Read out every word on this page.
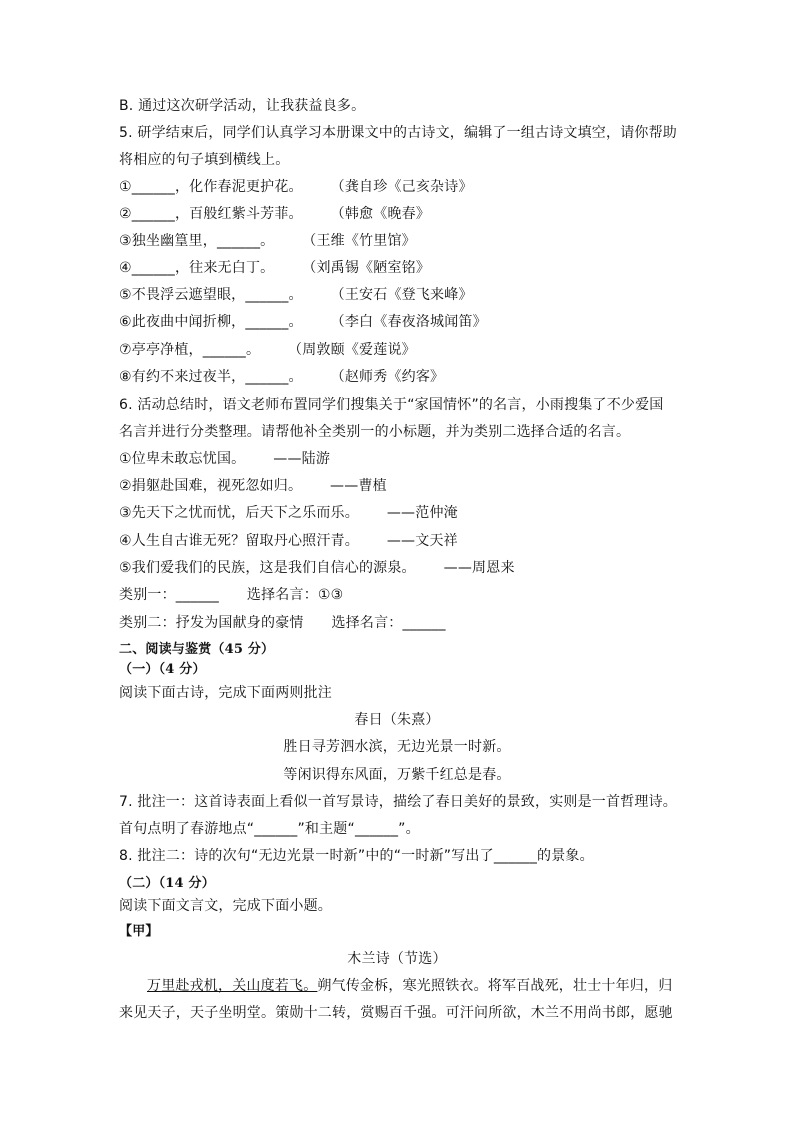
B. 通过这次研学活动，让我获益良多。
5. 研学结束后，同学们认真学习本册课文中的古诗文，编辑了一组古诗文填空，请你帮助
将相应的句子填到横线上。
①______，化作春泥更护花。      （龚自珍《己亥杂诗》
②______，百般红紫斗芳菲。      （韩愈《晚春》
③独坐幽篁里，______。      （王维《竹里馆》
④______，往来无白丁。      （刘禹锡《陋室铭》
⑤不畏浮云遮望眼，______。      （王安石《登飞来峰》
⑥此夜曲中闻折柳，______。      （李白《春夜洛城闻笛》
⑦亭亭净植，______。      （周敦颐《爱莲说》
⑧有约不来过夜半，______。      （赵师秀《约客》
6. 活动总结时，语文老师布置同学们搜集关于“家国情怀”的名言，小雨搜集了不少爱国
名言并进行分类整理。请帮他补全类别一的小标题，并为类别二选择合适的名言。
①位卑未敢忘忧国。      ——陆游
②捐躯赴国难，视死忽如归。      ——曹植
③先天下之忧而忧，后天下之乐而乐。      ——范仲淹
④人生自古谁无死？留取丹心照汗青。      ——文天祥
⑤我们爱我们的民族，这是我们自信心的源泉。      ——周恩来
类别一：______      选择名言：①③
类别二：抒发为国献身的豪情      选择名言：______
二、阅读与鉴赏（45 分）
（一）（4 分）
阅读下面古诗，完成下面两则批注
春日（朱熹）
胜日寻芳泗水滨，无边光景一时新。
等闲识得东风面，万紫千红总是春。
7. 批注一：这首诗表面上看似一首写景诗，描绘了春日美好的景致，实则是一首哲理诗。
首句点明了春游地点“______”和主题“______”。
8. 批注二：诗的次句“无边光景一时新”中的“一时新”写出了______的景象。
（二）（14 分）
阅读下面文言文，完成下面小题。
【甲】
木兰诗（节选）
万里赴戎机，关山度若飞。朔气传金柝，寒光照铁衣。将军百战死，壮士十年归，归
来见天子，天子坐明堂。策勋十二转，赏赐百千强。可汗问所欲，木兰不用尚书郎，愿驰
